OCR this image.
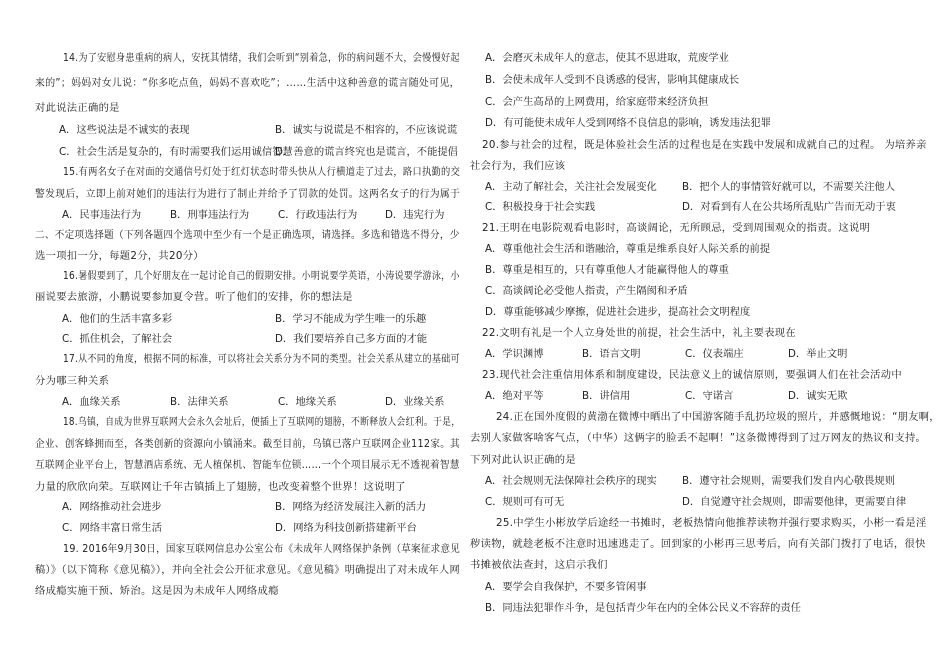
14.为了安慰身患重病的病人，安抚其情绪，我们会听到“别着急，你的病问题不大，会慢慢好起
来的”；妈妈对女儿说：“你多吃点鱼，妈妈不喜欢吃”；……生活中这种善意的谎言随处可见，
对此说法正确的是
A．这些说法是不诚实的表现	B．诚实与说谎是不相容的，不应该说谎
C．社会生活是复杂的，有时需要我们运用诚信智慧
D．善意的谎言终究也是谎言，不能提倡
15.有两名女子在对面的交通信号灯处于红灯状态时带头快从人行横道走了过去，路口执勤的交
警发现后，立即上前对她们的违法行为进行了制止并给予了罚款的处罚。这两名女子的行为属于
A．民事违法行为	B．刑事违法行为	C．行政违法行为	D．违宪行为
二、不定项选择题（下列各题四个选项中至少有一个是正确选项，请选择。多选和错选不得分，少
选一项扣一分，每题2分，共20分）
16.暑假要到了，几个好朋友在一起讨论自己的假期安排。小明说要学英语，小涛说要学游泳，小
丽说要去旅游，小鹏说要参加夏令营。听了他们的安排，你的想法是
A．他们的生活丰富多彩	B．学习不能成为学生唯一的乐趣
C．抓住机会，了解社会	D．我们要培养自己多方面的才能
17.从不同的角度，根据不同的标准，可以将社会关系分为不同的类型。社会关系从建立的基础可
分为哪三种关系
A．血缘关系	B．法律关系	C．地缘关系	D．业缘关系
18.乌镇，自成为世界互联网大会永久会址后，便插上了互联网的翅膀，不断释放人会红利。于是，
企业、创客蜂拥而至，各类创新的资源向小镇涌来。截至目前，乌镇已落户互联网企业112家。其
互联网企业平台上，智慧酒店系统、无人植保机、智能车位锁……一个个项目展示无不透视着智慧
力量的欣欣向荣。互联网让千年古镇插上了翅膀，也改变着整个世界！这说明了
A．网络推动社会进步	B．网络为经济发展注入新的活力
C．网络丰富日常生活	D．网络为科技创新搭建新平台
19. 2016年9月30日，国家互联网信息办公室公布《未成年人网络保护条例（草案征求意见
稿）》（以下简称《意见稿》），并向全社会公开征求意见。《意见稿》明确提出了对未成年人网
络成瘾实施干预、矫治。这是因为未成年人网络成瘾
A．会磨灭未成年人的意志，使其不思进取，荒废学业
B．会使未成年人受到不良诱惑的侵害，影响其健康成长
C．会产生高昂的上网费用，给家庭带来经济负担
D．有可能使未成年人受到网络不良信息的影响，诱发违法犯罪
20.参与社会的过程，既是体验社会生活的过程也是在实践中发展和成就自己的过程。 为培养亲
社会行为，我们应该
A．主动了解社会，关注社会发展变化 B．把个人的事情管好就可以，不需要关注他人
C．积极投身于社会实践	D．对看到有人在公共场所乱贴广告而无动于衷
21.王明在电影院观看电影时，高谈阔论，无所顾忌，受到周围观众的指责。这说明
A．尊重他社会生活和谐融洽，尊重是维系良好人际关系的前提
B．尊重是相互的，只有尊重他人才能赢得他人的尊重
C．高谈阔论必受他人指责，产生隔阂和矛盾
D．尊重能够减少摩擦，促进社会进步，提高社会文明程度
22.文明有礼是一个人立身处世的前提，社会生活中，礼主要表现在
A．学识渊博	B．语言文明	C．仪表端庄	D．举止文明
23.现代社会注重信用体系和制度建设，民法意义上的诚信原则，要强调人们在社会活动中
A．绝对平等	B．讲信用	C．守诺言	D．诚实无欺
24.正在国外度假的黄渤在微博中晒出了中国游客随手乱扔垃圾的照片，并感慨地说：“朋友啊，
去别人家做客啥客气点，（中华）这俩字的脸丢不起啊！”这条微博得到了过万网友的热议和支持。
下列对此认识正确的是
A．社会规则无法保障社会秩序的现实 B．遵守社会规则，需要我们发自内心敬畏规则
C．规则可有可无	D．自觉遵守社会规则，即需要他律，更需要自律
25.中学生小彬放学后途经一书摊时，老板热情向他推荐读物并强行要求购买，小彬一看是淫
秽读物，就趁老板不注意时迅速逃走了。回到家的小彬再三思考后，向有关部门拨打了电话，很快
书摊被依法查封，这启示我们
A．要学会自我保护，不要多管闲事
B．同违法犯罪作斗争，是包括青少年在内的全体公民义不容辞的责任
